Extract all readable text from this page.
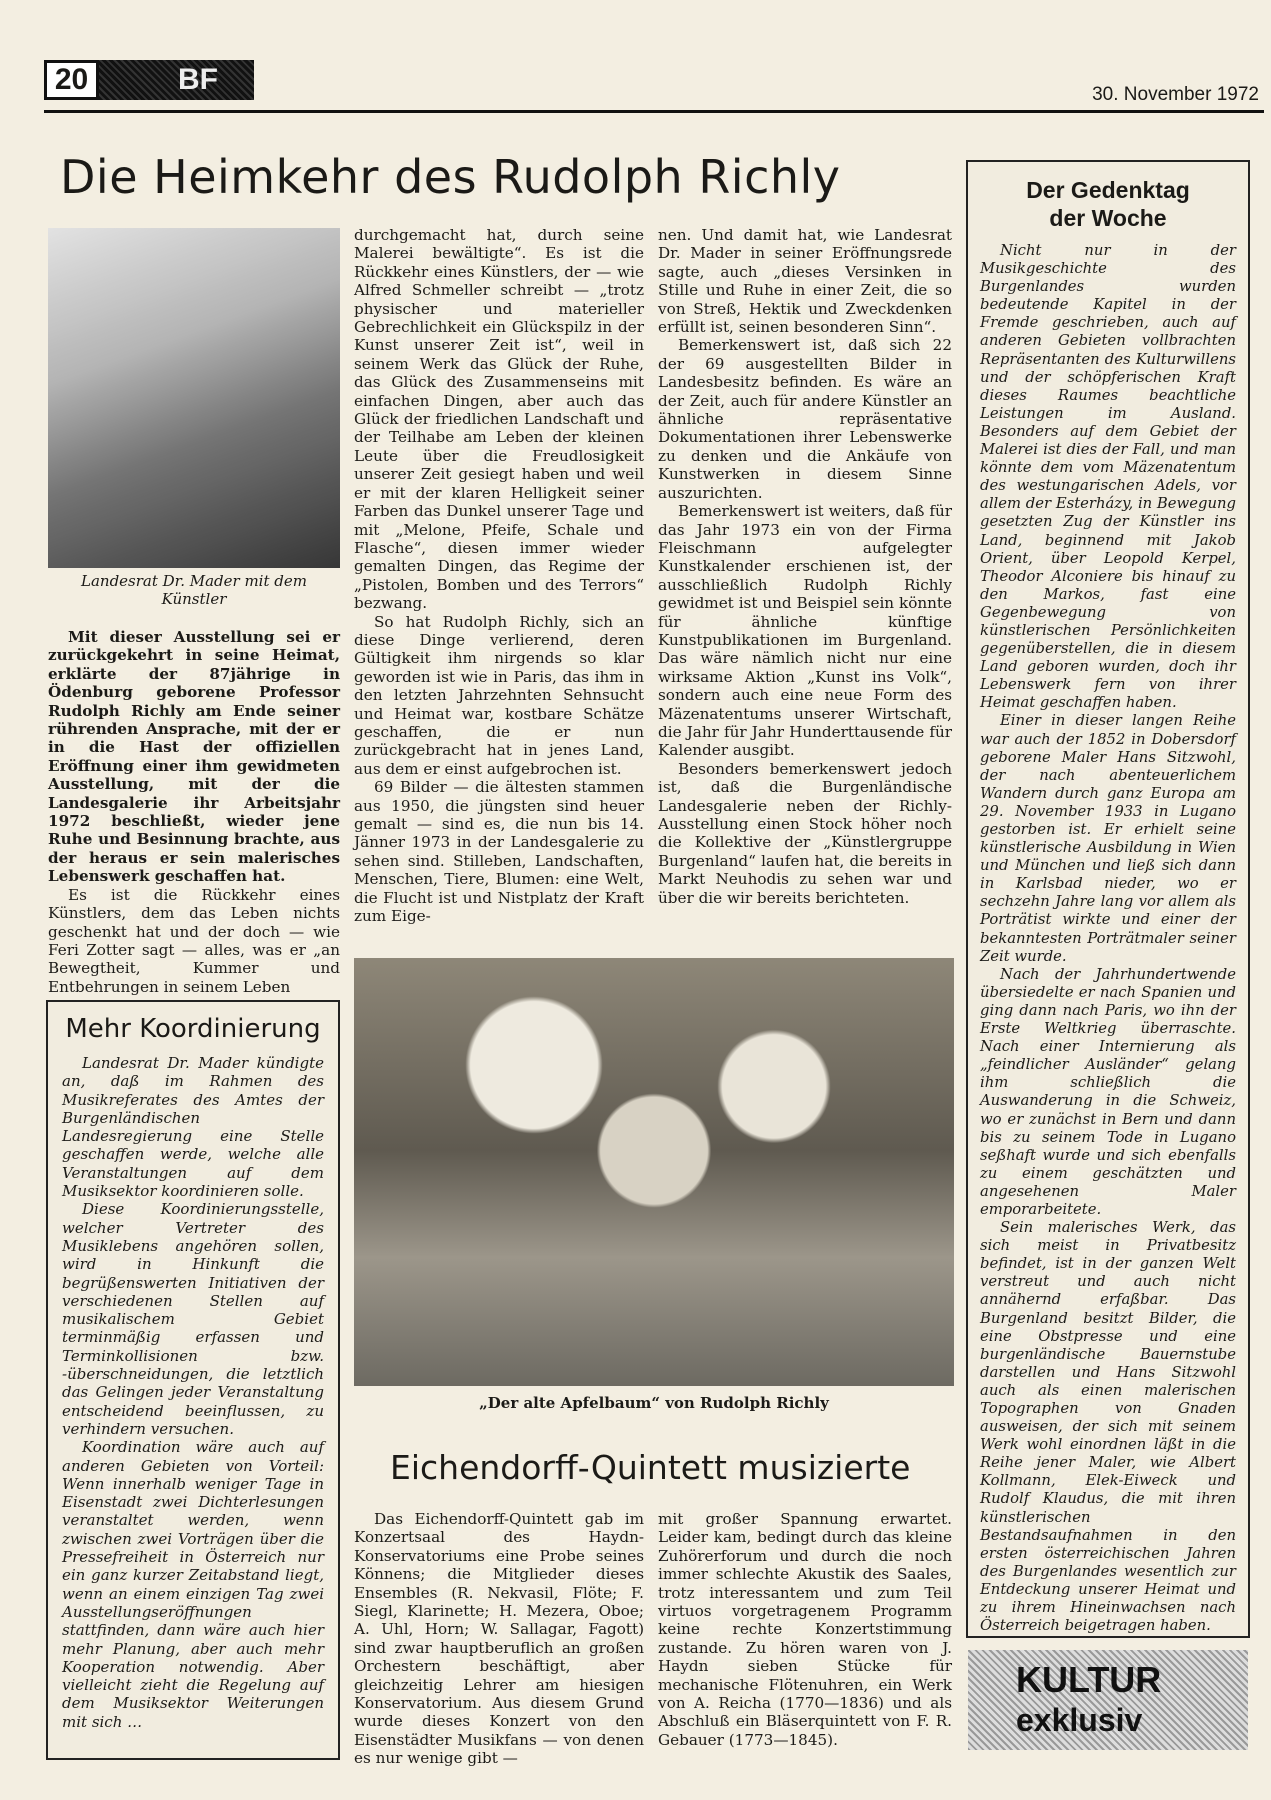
20	BF	30. November 1972
Die Heimkehr des Rudolph Richly
Landesrat Dr. Mader mit dem Künstler

Mit dieser Ausstellung sei er zurückgekehrt in seine Heimat, erklärte der 87jährige in Ödenburg geborene Professor Rudolph Richly am Ende seiner rührenden Ansprache, mit der er in die Hast der offiziellen Eröffnung einer ihm gewidmeten Ausstellung, mit der die Landesgalerie ihr Arbeitsjahr 1972 beschließt, wieder jene Ruhe und Besinnung brachte, aus der heraus er sein malerisches Lebenswerk geschaffen hat.

Es ist die Rückkehr eines Künstlers, dem das Leben nichts geschenkt hat und der doch — wie Feri Zotter sagt — alles, was er „an Bewegtheit, Kummer und Entbehrungen in seinem Leben

durchgemacht hat, durch seine Malerei bewältigte“. Es ist die Rückkehr eines Künstlers, der — wie Alfred Schmeller schreibt — „trotz physischer und materieller Gebrechlichkeit ein Glückspilz in der Kunst unserer Zeit ist“, weil in seinem Werk das Glück der Ruhe, das Glück des Zusammenseins mit einfachen Dingen, aber auch das Glück der friedlichen Landschaft und der Teilhabe am Leben der kleinen Leute über die Freudlosigkeit unserer Zeit gesiegt haben und weil er mit der klaren Helligkeit seiner Farben das Dunkel unserer Tage und mit „Melone, Pfeife, Schale und Flasche“, diesen immer wieder gemalten Dingen, das Regime der „Pistolen, Bomben und des Terrors“ bezwang.

So hat Rudolph Richly, sich an diese Dinge verlierend, deren Gültigkeit ihm nirgends so klar geworden ist wie in Paris, das ihm in den letzten Jahrzehnten Sehnsucht und Heimat war, kostbare Schätze geschaffen, die er nun zurückgebracht hat in jenes Land, aus dem er einst aufgebrochen ist.

69 Bilder — die ältesten stammen aus 1950, die jüngsten sind heuer gemalt — sind es, die nun bis 14. Jänner 1973 in der Landesgalerie zu sehen sind. Stilleben, Landschaften, Menschen, Tiere, Blumen: eine Welt, die Flucht ist und Nistplatz der Kraft zum Eige-

nen. Und damit hat, wie Landesrat Dr. Mader in seiner Eröffnungsrede sagte, auch „dieses Versinken in Stille und Ruhe in einer Zeit, die so von Streß, Hektik und Zweckdenken erfüllt ist, seinen besonderen Sinn“.

Bemerkenswert ist, daß sich 22 der 69 ausgestellten Bilder in Landesbesitz befinden. Es wäre an der Zeit, auch für andere Künstler an ähnliche repräsentative Dokumentationen ihrer Lebenswerke zu denken und die Ankäufe von Kunstwerken in diesem Sinne auszurichten.

Bemerkenswert ist weiters, daß für das Jahr 1973 ein von der Firma Fleischmann aufgelegter Kunstkalender erschienen ist, der ausschließlich Rudolph Richly gewidmet ist und Beispiel sein könnte für ähnliche künftige Kunstpublikationen im Burgenland. Das wäre nämlich nicht nur eine wirksame Aktion „Kunst ins Volk“, sondern auch eine neue Form des Mäzenatentums unserer Wirtschaft, die Jahr für Jahr Hunderttausende für Kalender ausgibt.

Besonders bemerkenswert jedoch ist, daß die Burgenländische Landesgalerie neben der Richly-Ausstellung einen Stock höher noch die Kollektive der „Künstlergruppe Burgenland“ laufen hat, die bereits in Markt Neuhodis zu sehen war und über die wir bereits berichteten.

„Der alte Apfelbaum“ von Rudolph Richly
Mehr Koordinierung

Landesrat Dr. Mader kündigte an, daß im Rahmen des Musikreferates des Amtes der Burgenländischen Landesregierung eine Stelle geschaffen werde, welche alle Veranstaltungen auf dem Musiksektor koordinieren solle.

Diese Koordinierungsstelle, welcher Vertreter des Musiklebens angehören sollen, wird in Hinkunft die begrüßenswerten Initiativen der verschiedenen Stellen auf musikalischem Gebiet terminmäßig erfassen und Terminkollisionen bzw. -überschneidungen, die letztlich das Gelingen jeder Veranstaltung entscheidend beeinflussen, zu verhindern versuchen.

Koordination wäre auch auf anderen Gebieten von Vorteil: Wenn innerhalb weniger Tage in Eisenstadt zwei Dichterlesungen veranstaltet werden, wenn zwischen zwei Vorträgen über die Pressefreiheit in Österreich nur ein ganz kurzer Zeitabstand liegt, wenn an einem einzigen Tag zwei Ausstellungseröffnungen stattfinden, dann wäre auch hier mehr Planung, aber auch mehr Kooperation notwendig. Aber vielleicht zieht die Regelung auf dem Musiksektor Weiterungen mit sich …

Eichendorff-Quintett musizierte

Das Eichendorff-Quintett gab im Konzertsaal des Haydn-Konservatoriums eine Probe seines Könnens; die Mitglieder dieses Ensembles (R. Nekvasil, Flöte; F. Siegl, Klarinette; H. Mezera, Oboe; A. Uhl, Horn; W. Sallagar, Fagott) sind zwar hauptberuflich an großen Orchestern beschäftigt, aber gleichzeitig Lehrer am hiesigen Konservatorium. Aus diesem Grund wurde dieses Konzert von den Eisenstädter Musikfans — von denen es nur wenige gibt —

mit großer Spannung erwartet. Leider kam, bedingt durch das kleine Zuhörerforum und durch die noch immer schlechte Akustik des Saales, trotz interessantem und zum Teil virtuos vorgetragenem Programm keine rechte Konzertstimmung zustande. Zu hören waren von J. Haydn sieben Stücke für mechanische Flötenuhren, ein Werk von A. Reicha (1770—1836) und als Abschluß ein Bläserquintett von F. R. Gebauer (1773—1845).

Der Gedenktag
der Woche

Nicht nur in der Musikgeschichte des Burgenlandes wurden bedeutende Kapitel in der Fremde geschrieben, auch auf anderen Gebieten vollbrachten Repräsentanten des Kulturwillens und der schöpferischen Kraft dieses Raumes beachtliche Leistungen im Ausland. Besonders auf dem Gebiet der Malerei ist dies der Fall, und man könnte dem vom Mäzenatentum des westungarischen Adels, vor allem der Esterházy, in Bewegung gesetzten Zug der Künstler ins Land, beginnend mit Jakob Orient, über Leopold Kerpel, Theodor Alconiere bis hinauf zu den Markos, fast eine Gegenbewegung von künstlerischen Persönlichkeiten gegenüberstellen, die in diesem Land geboren wurden, doch ihr Lebenswerk fern von ihrer Heimat geschaffen haben.

Einer in dieser langen Reihe war auch der 1852 in Dobersdorf geborene Maler Hans Sitzwohl, der nach abenteuerlichem Wandern durch ganz Europa am 29. November 1933 in Lugano gestorben ist. Er erhielt seine künstlerische Ausbildung in Wien und München und ließ sich dann in Karlsbad nieder, wo er sechzehn Jahre lang vor allem als Porträtist wirkte und einer der bekanntesten Porträtmaler seiner Zeit wurde.

Nach der Jahrhundertwende übersiedelte er nach Spanien und ging dann nach Paris, wo ihn der Erste Weltkrieg überraschte. Nach einer Internierung als „feindlicher Ausländer“ gelang ihm schließlich die Auswanderung in die Schweiz, wo er zunächst in Bern und dann bis zu seinem Tode in Lugano seßhaft wurde und sich ebenfalls zu einem geschätzten und angesehenen Maler emporarbeitete.

Sein malerisches Werk, das sich meist in Privatbesitz befindet, ist in der ganzen Welt verstreut und auch nicht annähernd erfaßbar. Das Burgenland besitzt Bilder, die eine Obstpresse und eine burgenländische Bauernstube darstellen und Hans Sitzwohl auch als einen malerischen Topographen von Gnaden ausweisen, der sich mit seinem Werk wohl einordnen läßt in die Reihe jener Maler, wie Albert Kollmann, Elek-Eiweck und Rudolf Klaudus, die mit ihren künstlerischen Bestandsaufnahmen in den ersten österreichischen Jahren des Burgenlandes wesentlich zur Entdeckung unserer Heimat und zu ihrem Hineinwachsen nach Österreich beigetragen haben.

KULTUR
exklusiv
